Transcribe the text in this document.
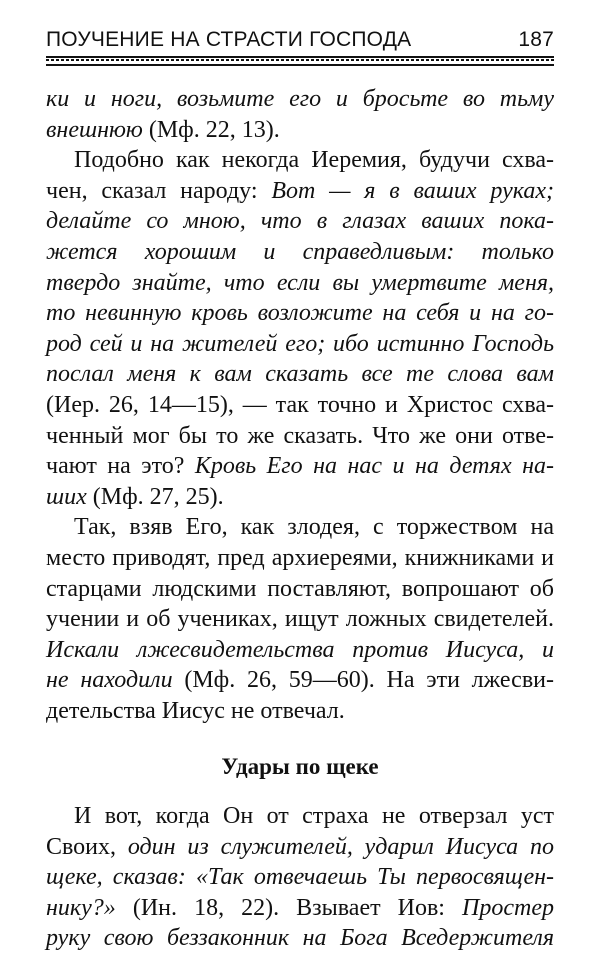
ПОУЧЕНИЕ НА СТРАСТИ ГОСПОДА	187

ки и ноги, возьмите его и бросьте во тьму

внешнюю (Мф. 22, 13).

Подобно как некогда Иеремия, будучи схва-

чен, сказал народу: Вот — я в ваших руках;

делайте со мною, что в глазах ваших пока-

жется хорошим и справедливым: только

твердо знайте, что если вы умертвите меня,

то невинную кровь возложите на себя и на го-

род сей и на жителей его; ибо истинно Господь

послал меня к вам сказать все те слова вам

(Иер. 26, 14—15), — так точно и Христос схва-

ченный мог бы то же сказать. Что же они отве-

чают на это? Кровь Его на нас и на детях на-

ших (Мф. 27, 25).

Так, взяв Его, как злодея, с торжеством на

место приводят, пред архиереями, книжниками и

старцами людскими поставляют, вопрошают об

учении и об учениках, ищут ложных свидетелей.

Искали лжесвидетельства против Иисуса, и

не находили (Мф. 26, 59—60). На эти лжесви-

детельства Иисус не отвечал.

Удары по щеке

И вот, когда Он от страха не отверзал уст

Своих, один из служителей, ударил Иисуса по

щеке, сказав: «Так отвечаешь Ты первосвящен-

нику?» (Ин. 18, 22). Взывает Иов: Простер

руку свою беззаконник на Бога Вседержителя
